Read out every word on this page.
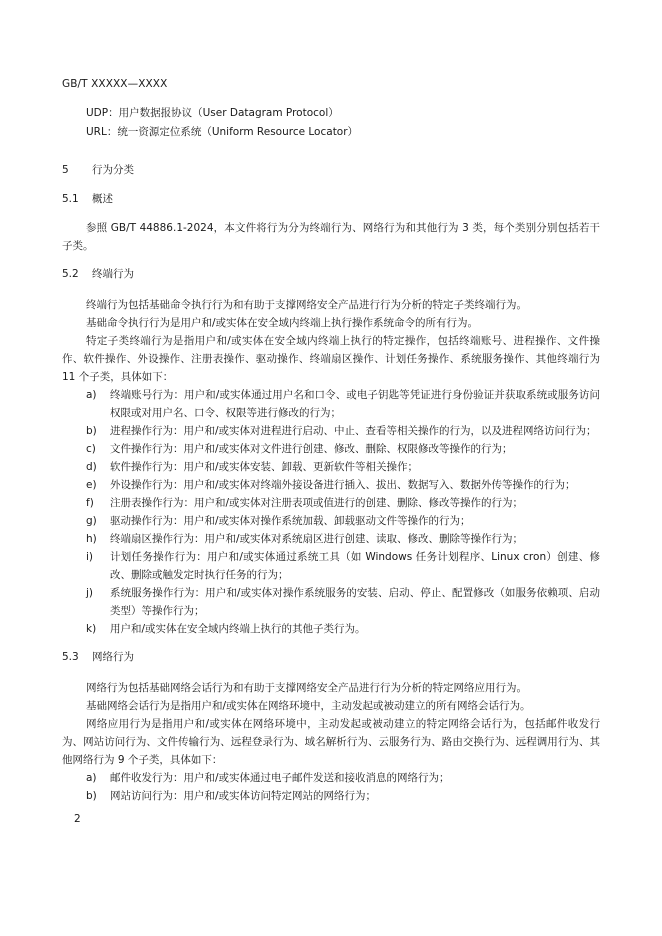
GB/T XXXXX—XXXX
UDP：用户数据报协议（User Datagram Protocol）
URL：统一资源定位系统（Uniform Resource Locator）
5 行为分类
5.1 概述
参照 GB/T 44886.1-2024，本文件将行为分为终端行为、网络行为和其他行为 3 类，每个类别分别包括若干子类。
5.2 终端行为
终端行为包括基础命令执行行为和有助于支撑网络安全产品进行行为分析的特定子类终端行为。
基础命令执行行为是用户和/或实体在安全域内终端上执行操作系统命令的所有行为。
特定子类终端行为是指用户和/或实体在安全域内终端上执行的特定操作，包括终端账号、进程操作、文件操作、软件操作、外设操作、注册表操作、驱动操作、终端扇区操作、计划任务操作、系统服务操作、其他终端行为 11 个子类，具体如下：
a) 终端账号行为：用户和/或实体通过用户名和口令、或电子钥匙等凭证进行身份验证并获取系统或服务访问权限或对用户名、口令、权限等进行修改的行为；
b) 进程操作行为：用户和/或实体对进程进行启动、中止、查看等相关操作的行为，以及进程网络访问行为；
c) 文件操作行为：用户和/或实体对文件进行创建、修改、删除、权限修改等操作的行为；
d) 软件操作行为：用户和/或实体安装、卸载、更新软件等相关操作；
e) 外设操作行为：用户和/或实体对终端外接设备进行插入、拔出、数据写入、数据外传等操作的行为；
f) 注册表操作行为：用户和/或实体对注册表项或值进行的创建、删除、修改等操作的行为；
g) 驱动操作行为：用户和/或实体对操作系统加载、卸载驱动文件等操作的行为；
h) 终端扇区操作行为：用户和/或实体对系统扇区进行创建、读取、修改、删除等操作行为；
i) 计划任务操作行为：用户和/或实体通过系统工具（如 Windows 任务计划程序、Linux cron）创建、修改、删除或触发定时执行任务的行为；
j) 系统服务操作行为：用户和/或实体对操作系统服务的安装、启动、停止、配置修改（如服务依赖项、启动类型）等操作行为；
k) 用户和/或实体在安全域内终端上执行的其他子类行为。
5.3 网络行为
网络行为包括基础网络会话行为和有助于支撑网络安全产品进行行为分析的特定网络应用行为。
基础网络会话行为是指用户和/或实体在网络环境中，主动发起或被动建立的所有网络会话行为。
网络应用行为是指用户和/或实体在网络环境中，主动发起或被动建立的特定网络会话行为，包括邮件收发行为、网站访问行为、文件传输行为、远程登录行为、域名解析行为、云服务行为、路由交换行为、远程调用行为、其他网络行为 9 个子类，具体如下：
a) 邮件收发行为：用户和/或实体通过电子邮件发送和接收消息的网络行为；
b) 网站访问行为：用户和/或实体访问特定网站的网络行为；
2
